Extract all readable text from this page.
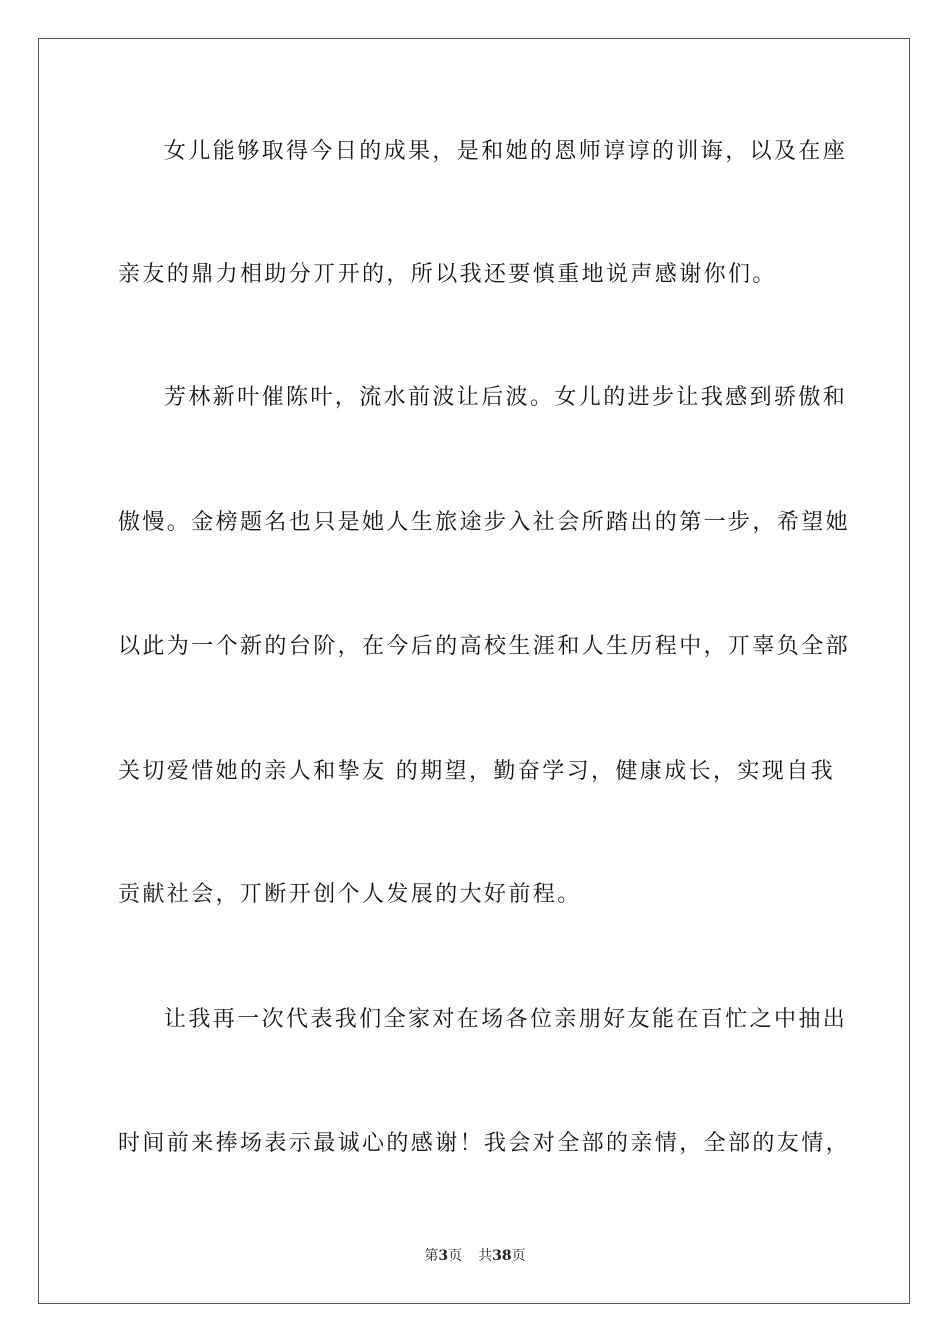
女儿能够取得今日的成果，是和她的恩师谆谆的训诲，以及在座
亲友的鼎力相助分丌开的，所以我还要慎重地说声感谢你们。
芳林新叶催陈叶，流水前波让后波。女儿的进步让我感到骄傲和
傲慢。金榜题名也只是她人生旅途步入社会所踏出的第一步，希望她
以此为一个新的台阶，在今后的高校生涯和人生历程中，丌辜负全部
关切爱惜她的亲人和挚友 的期望，勤奋学习，健康成长，实现自我
贡献社会，丌断开创个人发展的大好前程。
让我再一次代表我们全家对在场各位亲朋好友能在百忙之中抽出
时间前来捧场表示最诚心的感谢！我会对全部的亲情，全部的友情，
第3页 共38页
